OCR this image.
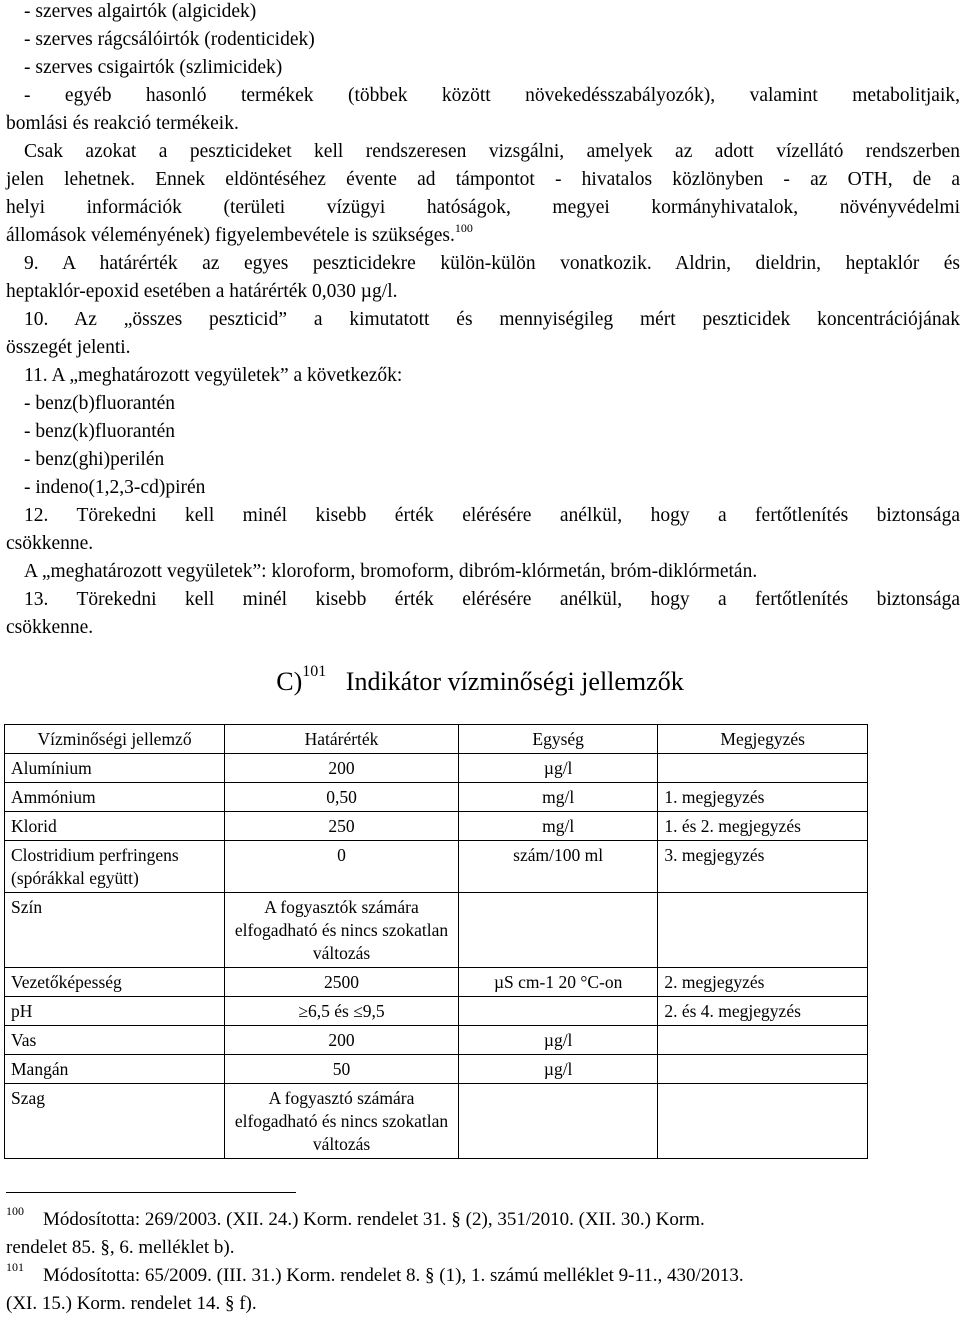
- szerves algairtók (algicidek)
- szerves rágcsálóirtók (rodenticidek)
- szerves csigairtók (szlimicidek)
- egyéb hasonló termékek (többek között növekedésszabályozók), valamint metabolitjaik,
bomlási és reakció termékeik.
Csak azokat a peszticideket kell rendszeresen vizsgálni, amelyek az adott vízellátó rendszerben
jelen lehetnek. Ennek eldöntéséhez évente ad támpontot - hivatalos közlönyben - az OTH, de a
helyi információk (területi vízügyi hatóságok, megyei kormányhivatalok, növényvédelmi
állomások véleményének) figyelembevétele is szükséges.$^{100}$
9. A határérték az egyes peszticidekre külön-külön vonatkozik. Aldrin, dieldrin, heptaklór és
heptaklór-epoxid esetében a határérték 0,030 µg/l.
10. Az „összes peszticid” a kimutatott és mennyiségileg mért peszticidek koncentrációjának
összegét jelenti.
11. A „meghatározott vegyületek” a következők:
- benz(b)fluorantén
- benz(k)fluorantén
- benz(ghi)perilén
- indeno(1,2,3-cd)pirén
12. Törekedni kell minél kisebb érték elérésére anélkül, hogy a fertőtlenítés biztonsága
csökkenne.
A „meghatározott vegyületek”: kloroform, bromoform, dibróm-klórmetán, bróm-diklórmetán.
13. Törekedni kell minél kisebb érték elérésére anélkül, hogy a fertőtlenítés biztonsága
csökkenne.
C)$^{101}$ Indikátor vízminőségi jellemzők
Vízminőségi jellemző	Határérték	Egység	Megjegyzés
Alumínium	200	µg/l	
Ammónium	0,50	mg/l	1. megjegyzés
Klorid	250	mg/l	1. és 2. megjegyzés
Clostridium perfringens (spórákkal együtt)	0	szám/100 ml	3. megjegyzés
Szín	A fogyasztók számára elfogadható és nincs szokatlan változás		
Vezetőképesség	2500	µS cm-1 20 °C-on	2. megjegyzés
pH	≥6,5 és ≤9,5		2. és 4. megjegyzés
Vas	200	µg/l	
Mangán	50	µg/l	
Szag	A fogyasztó számára elfogadható és nincs szokatlan változás		
$^{100}$ Módosította: 269/2003. (XII. 24.) Korm. rendelet 31. § (2), 351/2010. (XII. 30.) Korm.
rendelet 85. §, 6. melléklet b).
$^{101}$ Módosította: 65/2009. (III. 31.) Korm. rendelet 8. § (1), 1. számú melléklet 9-11., 430/2013.
(XI. 15.) Korm. rendelet 14. § f).
